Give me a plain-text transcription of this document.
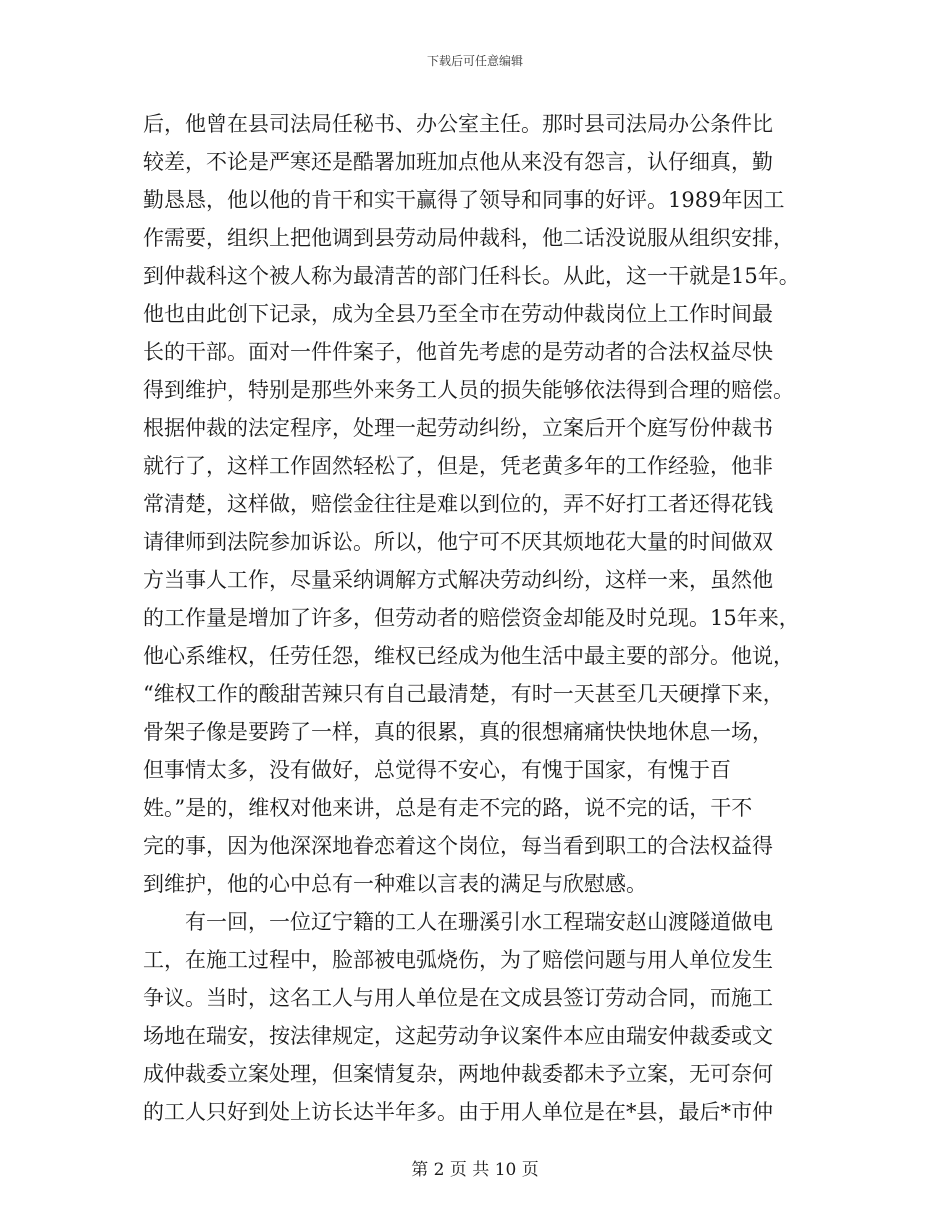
下载后可任意编辑
后，他曾在县司法局任秘书、办公室主任。那时县司法局办公条件比
较差，不论是严寒还是酷署加班加点他从来没有怨言，认仔细真，勤
勤恳恳，他以他的肯干和实干赢得了领导和同事的好评。1989年因工
作需要，组织上把他调到县劳动局仲裁科，他二话没说服从组织安排，
到仲裁科这个被人称为最清苦的部门任科长。从此，这一干就是15年。
他也由此创下记录，成为全县乃至全市在劳动仲裁岗位上工作时间最
长的干部。面对一件件案子，他首先考虑的是劳动者的合法权益尽快
得到维护，特别是那些外来务工人员的损失能够依法得到合理的赔偿。
根据仲裁的法定程序，处理一起劳动纠纷，立案后开个庭写份仲裁书
就行了，这样工作固然轻松了，但是，凭老黄多年的工作经验，他非
常清楚，这样做，赔偿金往往是难以到位的，弄不好打工者还得花钱
请律师到法院参加诉讼。所以，他宁可不厌其烦地花大量的时间做双
方当事人工作，尽量采纳调解方式解决劳动纠纷，这样一来，虽然他
的工作量是增加了许多，但劳动者的赔偿资金却能及时兑现。15年来，
他心系维权，任劳任怨，维权已经成为他生活中最主要的部分。他说，
“维权工作的酸甜苦辣只有自己最清楚，有时一天甚至几天硬撑下来，
骨架子像是要跨了一样，真的很累，真的很想痛痛快快地休息一场，
但事情太多，没有做好，总觉得不安心，有愧于国家，有愧于百
姓。”是的，维权对他来讲，总是有走不完的路，说不完的话，干不
完的事，因为他深深地眷恋着这个岗位，每当看到职工的合法权益得
到维护，他的心中总有一种难以言表的满足与欣慰感。
有一回，一位辽宁籍的工人在珊溪引水工程瑞安赵山渡隧道做电
工，在施工过程中，脸部被电弧烧伤，为了赔偿问题与用人单位发生
争议。当时，这名工人与用人单位是在文成县签订劳动合同，而施工
场地在瑞安，按法律规定，这起劳动争议案件本应由瑞安仲裁委或文
成仲裁委立案处理，但案情复杂，两地仲裁委都未予立案，无可奈何
的工人只好到处上访长达半年多。由于用人单位是在*县，最后*市仲
第 2 页 共 10 页
